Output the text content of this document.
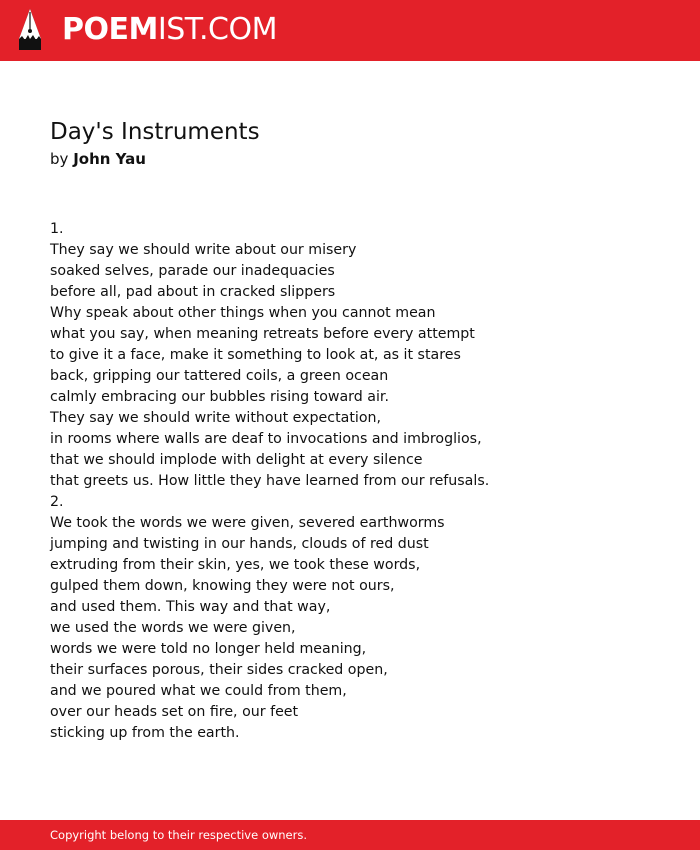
POEMIST.COM
Day's Instruments
by John Yau
1.
They say we should write about our misery
soaked selves, parade our inadequacies
before all, pad about in cracked slippers
Why speak about other things when you cannot mean
what you say, when meaning retreats before every attempt
to give it a face, make it something to look at, as it stares
back, gripping our tattered coils, a green ocean
calmly embracing our bubbles rising toward air.
They say we should write without expectation,
in rooms where walls are deaf to invocations and imbroglios,
that we should implode with delight at every silence
that greets us. How little they have learned from our refusals.
2.
We took the words we were given, severed earthworms
jumping and twisting in our hands, clouds of red dust
extruding from their skin, yes, we took these words,
gulped them down, knowing they were not ours,
and used them. This way and that way,
we used the words we were given,
words we were told no longer held meaning,
their surfaces porous, their sides cracked open,
and we poured what we could from them,
over our heads set on fire, our feet
sticking up from the earth.
Copyright belong to their respective owners.
